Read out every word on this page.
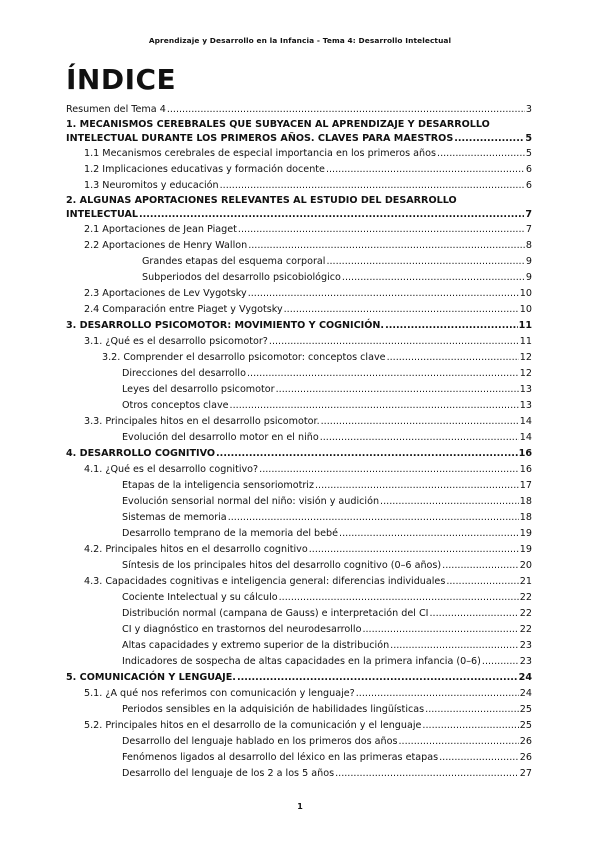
Aprendizaje y Desarrollo en la Infancia - Tema 4: Desarrollo Intelectual
ÍNDICE
Resumen del Tema 4 .....	3
1. MECANISMOS CEREBRALES QUE SUBYACEN AL APRENDIZAJE Y DESARROLLO
INTELECTUAL DURANTE LOS PRIMEROS AÑOS. CLAVES PARA MAESTROS .....	5
1.1 Mecanismos cerebrales de especial importancia en los primeros años .....	5
1.2 Implicaciones educativas y formación docente .....	6
1.3 Neuromitos y educación .....	6
2. ALGUNAS APORTACIONES RELEVANTES AL ESTUDIO DEL DESARROLLO
INTELECTUAL .....	7
2.1 Aportaciones de Jean Piaget .....	7
2.2 Aportaciones de Henry Wallon .....	8
Grandes etapas del esquema corporal .....	9
Subperiodos del desarrollo psicobiológico .....	9
2.3 Aportaciones de Lev Vygotsky .....	10
2.4 Comparación entre Piaget y Vygotsky .....	10
3. DESARROLLO PSICOMOTOR: MOVIMIENTO Y COGNICIÓN. .....	11
3.1. ¿Qué es el desarrollo psicomotor? .....	11
3.2. Comprender el desarrollo psicomotor: conceptos clave .....	12
Direcciones del desarrollo .....	12
Leyes del desarrollo psicomotor .....	13
Otros conceptos clave .....	13
3.3. Principales hitos en el desarrollo psicomotor. .....	14
Evolución del desarrollo motor en el niño .....	14
4. DESARROLLO COGNITIVO .....	16
4.1. ¿Qué es el desarrollo cognitivo? .....	16
Etapas de la inteligencia sensoriomotriz .....	17
Evolución sensorial normal del niño: visión y audición .....	18
Sistemas de memoria .....	18
Desarrollo temprano de la memoria del bebé .....	19
4.2. Principales hitos en el desarrollo cognitivo .....	19
Síntesis de los principales hitos del desarrollo cognitivo (0–6 años) .....	20
4.3. Capacidades cognitivas e inteligencia general: diferencias individuales .....	21
Cociente Intelectual y su cálculo .....	22
Distribución normal (campana de Gauss) e interpretación del CI .....	22
CI y diagnóstico en trastornos del neurodesarrollo .....	22
Altas capacidades y extremo superior de la distribución .....	23
Indicadores de sospecha de altas capacidades en la primera infancia (0–6) .....	23
5. COMUNICACIÓN Y LENGUAJE. .....	24
5.1. ¿A qué nos referimos con comunicación y lenguaje? .....	24
Periodos sensibles en la adquisición de habilidades lingüísticas .....	25
5.2. Principales hitos en el desarrollo de la comunicación y el lenguaje .....	25
Desarrollo del lenguaje hablado en los primeros dos años .....	26
Fenómenos ligados al desarrollo del léxico en las primeras etapas .....	26
Desarrollo del lenguaje de los 2 a los 5 años .....	27
1
